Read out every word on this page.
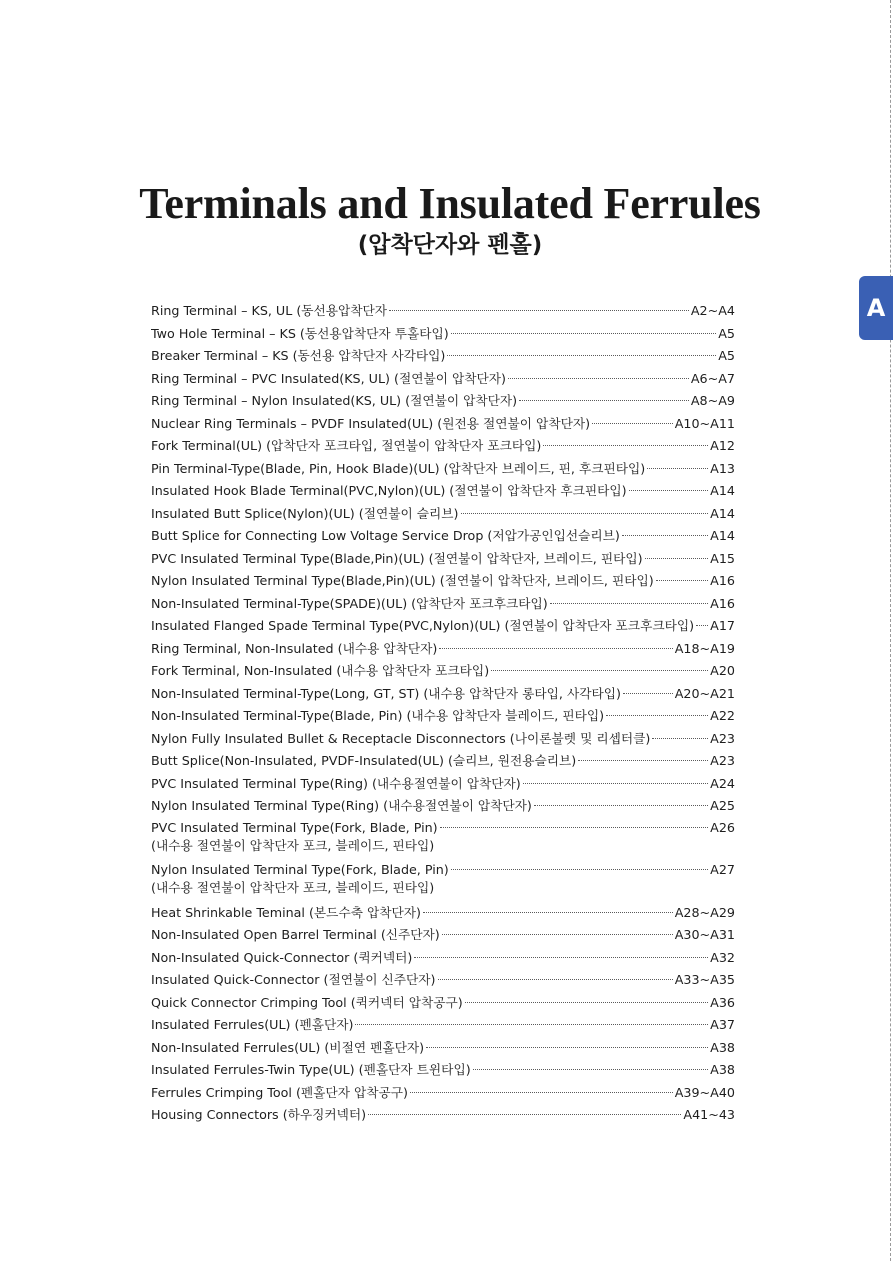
A
Terminals and Insulated Ferrules
(압착단자와 펜홀)
Ring Terminal – KS, UL (동선용압착단자	A2~A4
Two Hole Terminal – KS (동선용압착단자 투홀타입)	A5
Breaker Terminal – KS (동선용 압착단자 사각타입)	A5
Ring Terminal – PVC Insulated(KS, UL) (절연불이 압착단자)	A6~A7
Ring Terminal – Nylon Insulated(KS, UL) (절연불이 압착단자)	A8~A9
Nuclear Ring Terminals – PVDF Insulated(UL) (원전용 절연불이 압착단자)	A10~A11
Fork Terminal(UL) (압착단자 포크타입, 절연불이 압착단자 포크타입)	A12
Pin Terminal-Type(Blade, Pin, Hook Blade)(UL) (압착단자 브레이드, 핀, 후크핀타입)	A13
Insulated Hook Blade Terminal(PVC,Nylon)(UL) (절연불이 압착단자 후크핀타입)	A14
Insulated Butt Splice(Nylon)(UL) (절연불이 슬리브)	A14
Butt Splice for Connecting Low Voltage Service Drop (저압가공인입선슬리브)	A14
PVC Insulated Terminal Type(Blade,Pin)(UL) (절연불이 압착단자, 브레이드, 핀타입)	A15
Nylon Insulated Terminal Type(Blade,Pin)(UL) (절연불이 압착단자, 브레이드, 핀타입)	A16
Non-Insulated Terminal-Type(SPADE)(UL) (압착단자 포크후크타입)	A16
Insulated Flanged Spade Terminal Type(PVC,Nylon)(UL) (절연불이 압착단자 포크후크타입) A17
Ring Terminal, Non-Insulated (내수용 압착단자)	A18~A19
Fork Terminal, Non-Insulated (내수용 압착단자 포크타입)	A20
Non-Insulated Terminal-Type(Long, GT, ST) (내수용 압착단자 롱타입, 사각타입)	A20~A21
Non-Insulated Terminal-Type(Blade, Pin) (내수용 압착단자 블레이드, 핀타입)	A22
Nylon Fully Insulated Bullet & Receptacle Disconnectors (나이론불렛 및 리셉터클)	A23
Butt Splice(Non-Insulated, PVDF-Insulated(UL) (슬리브, 원전용슬리브)	A23
PVC Insulated Terminal Type(Ring) (내수용절연불이 압착단자)	A24
Nylon Insulated Terminal Type(Ring) (내수용절연불이 압착단자)	A25
PVC Insulated Terminal Type(Fork, Blade, Pin)	A26
(내수용 절연불이 압착단자 포크, 블레이드, 핀타입)
Nylon Insulated Terminal Type(Fork, Blade, Pin)	A27
(내수용 절연불이 압착단자 포크, 블레이드, 핀타입)
Heat Shrinkable Teminal (본드수축 압착단자)	A28~A29
Non-Insulated Open Barrel Terminal (신주단자)	A30~A31
Non-Insulated Quick-Connector (퀵커넥터)	A32
Insulated Quick-Connector (절연불이 신주단자)	A33~A35
Quick Connector Crimping Tool (퀵커넥터 압착공구)	A36
Insulated Ferrules(UL) (펜홀단자)	A37
Non-Insulated Ferrules(UL) (비절연 펜홀단자)	A38
Insulated Ferrules-Twin Type(UL) (펜홀단자 트윈타입)	A38
Ferrules Crimping Tool (펜홀단자 압착공구)	A39~A40
Housing Connectors (하우징커넥터)	A41~43
